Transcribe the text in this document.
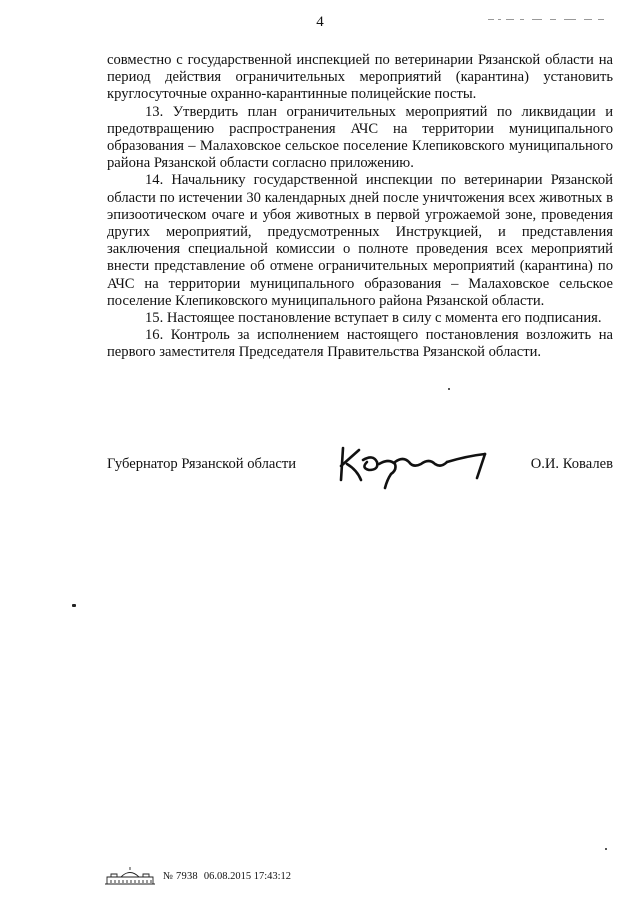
4

совместно с государственной инспекцией по ветеринарии Рязанской области на период действия ограничительных мероприятий (карантина) установить круглосуточные охранно-карантинные полицейские посты.

13. Утвердить план ограничительных мероприятий по ликвидации и предотвращению распространения АЧС на территории муниципального образования – Малаховское сельское поселение Клепиковского муниципального района Рязанской области согласно приложению.

14. Начальнику государственной инспекции по ветеринарии Рязанской области по истечении 30 календарных дней после уничтожения всех животных в эпизоотическом очаге и убоя животных в первой угрожаемой зоне, проведения других мероприятий, предусмотренных Инструкцией, и представления заключения специальной комиссии о полноте проведения всех мероприятий внести представление об отмене ограничительных мероприятий (карантина) по АЧС на территории муниципального образования – Малаховское сельское поселение Клепиковского муниципального района Рязанской области.

15. Настоящее постановление вступает в силу с момента его подписания.

16. Контроль за исполнением настоящего постановления возложить на первого заместителя Председателя Правительства Рязанской области.

Губернатор Рязанской области	О.И. Ковалев
№ 7938 06.08.2015 17:43:12
